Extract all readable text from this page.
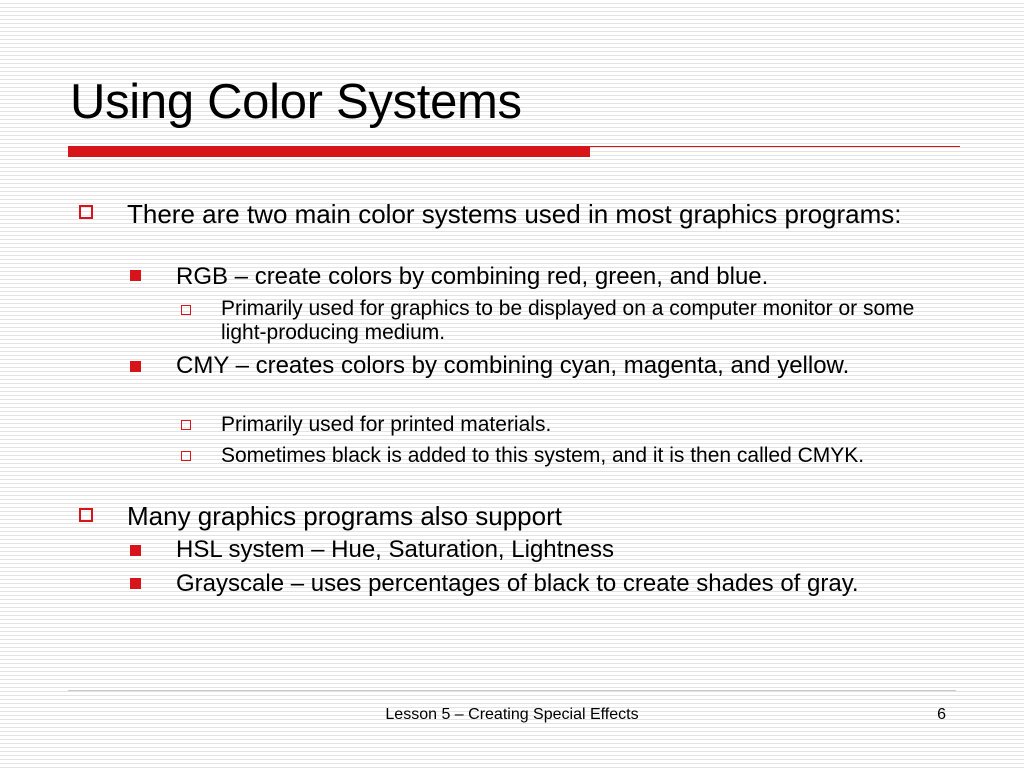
Using Color Systems
There are two main color systems used in most graphics programs:
RGB – create colors by combining red, green, and blue.
Primarily used for graphics to be displayed on a computer monitor or some light-producing medium.
CMY – creates colors by combining cyan, magenta, and yellow.
Primarily used for printed materials.
Sometimes black is added to this system, and it is then called CMYK.
Many graphics programs also support
HSL system – Hue, Saturation, Lightness
Grayscale – uses percentages of black to create shades of gray.
Lesson 5 – Creating Special Effects	6
